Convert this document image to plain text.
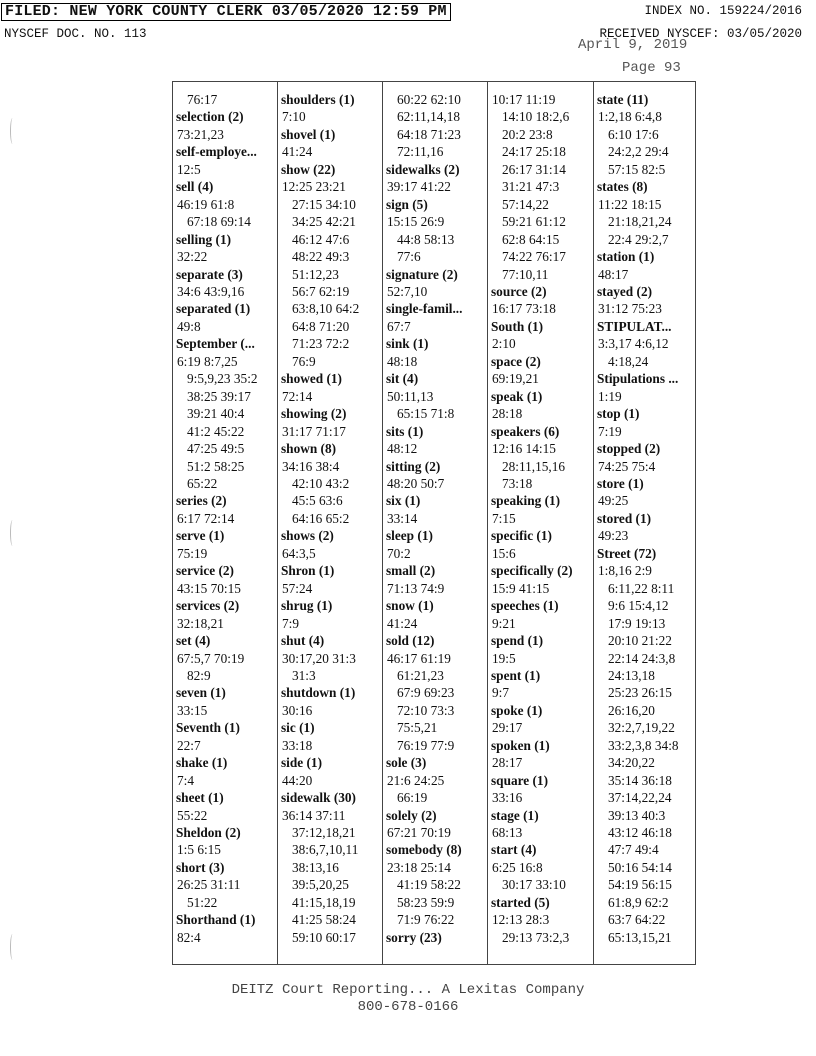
FILED: NEW YORK COUNTY CLERK 03/05/2020 12:59 PM	INDEX NO. 159224/2016
NYSCEF DOC. NO. 113	RECEIVED NYSCEF: 03/05/2020
April 9, 2019
Page 93
76:17
selection (2)
73:21,23
self-employe...
12:5
sell (4)
46:19 61:8
67:18 69:14
selling (1)
32:22
separate (3)
34:6 43:9,16
separated (1)
49:8
September (...
6:19 8:7,25
9:5,9,23 35:2
38:25 39:17
39:21 40:4
41:2 45:22
47:25 49:5
51:2 58:25
65:22
series (2)
6:17 72:14
serve (1)
75:19
service (2)
43:15 70:15
services (2)
32:18,21
set (4)
67:5,7 70:19
82:9
seven (1)
33:15
Seventh (1)
22:7
shake (1)
7:4
sheet (1)
55:22
Sheldon (2)
1:5 6:15
short (3)
26:25 31:11
51:22
Shorthand (1)
82:4
shoulders (1)
7:10
shovel (1)
41:24
show (22)
12:25 23:21
27:15 34:10
34:25 42:21
46:12 47:6
48:22 49:3
51:12,23
56:7 62:19
63:8,10 64:2
64:8 71:20
71:23 72:2
76:9
showed (1)
72:14
showing (2)
31:17 71:17
shown (8)
34:16 38:4
42:10 43:2
45:5 63:6
64:16 65:2
shows (2)
64:3,5
Shron (1)
57:24
shrug (1)
7:9
shut (4)
30:17,20 31:3
31:3
shutdown (1)
30:16
sic (1)
33:18
side (1)
44:20
sidewalk (30)
36:14 37:11
37:12,18,21
38:6,7,10,11
38:13,16
39:5,20,25
41:15,18,19
41:25 58:24
59:10 60:17
60:22 62:10
62:11,14,18
64:18 71:23
72:11,16
sidewalks (2)
39:17 41:22
sign (5)
15:15 26:9
44:8 58:13
77:6
signature (2)
52:7,10
single-famil...
67:7
sink (1)
48:18
sit (4)
50:11,13
65:15 71:8
sits (1)
48:12
sitting (2)
48:20 50:7
six (1)
33:14
sleep (1)
70:2
small (2)
71:13 74:9
snow (1)
41:24
sold (12)
46:17 61:19
61:21,23
67:9 69:23
72:10 73:3
75:5,21
76:19 77:9
sole (3)
21:6 24:25
66:19
solely (2)
67:21 70:19
somebody (8)
23:18 25:14
41:19 58:22
58:23 59:9
71:9 76:22
sorry (23)
10:17 11:19
14:10 18:2,6
20:2 23:8
24:17 25:18
26:17 31:14
31:21 47:3
57:14,22
59:21 61:12
62:8 64:15
74:22 76:17
77:10,11
source (2)
16:17 73:18
South (1)
2:10
space (2)
69:19,21
speak (1)
28:18
speakers (6)
12:16 14:15
28:11,15,16
73:18
speaking (1)
7:15
specific (1)
15:6
specifically (2)
15:9 41:15
speeches (1)
9:21
spend (1)
19:5
spent (1)
9:7
spoke (1)
29:17
spoken (1)
28:17
square (1)
33:16
stage (1)
68:13
start (4)
6:25 16:8
30:17 33:10
started (5)
12:13 28:3
29:13 73:2,3
state (11)
1:2,18 6:4,8
6:10 17:6
24:2,2 29:4
57:15 82:5
states (8)
11:22 18:15
21:18,21,24
22:4 29:2,7
station (1)
48:17
stayed (2)
31:12 75:23
STIPULAT...
3:3,17 4:6,12
4:18,24
Stipulations ...
1:19
stop (1)
7:19
stopped (2)
74:25 75:4
store (1)
49:25
stored (1)
49:23
Street (72)
1:8,16 2:9
6:11,22 8:11
9:6 15:4,12
17:9 19:13
20:10 21:22
22:14 24:3,8
24:13,18
25:23 26:15
26:16,20
32:2,7,19,22
33:2,3,8 34:8
34:20,22
35:14 36:18
37:14,22,24
39:13 40:3
43:12 46:18
47:7 49:4
50:16 54:14
54:19 56:15
61:8,9 62:2
63:7 64:22
65:13,15,21
DEITZ Court Reporting... A Lexitas Company
800-678-0166
